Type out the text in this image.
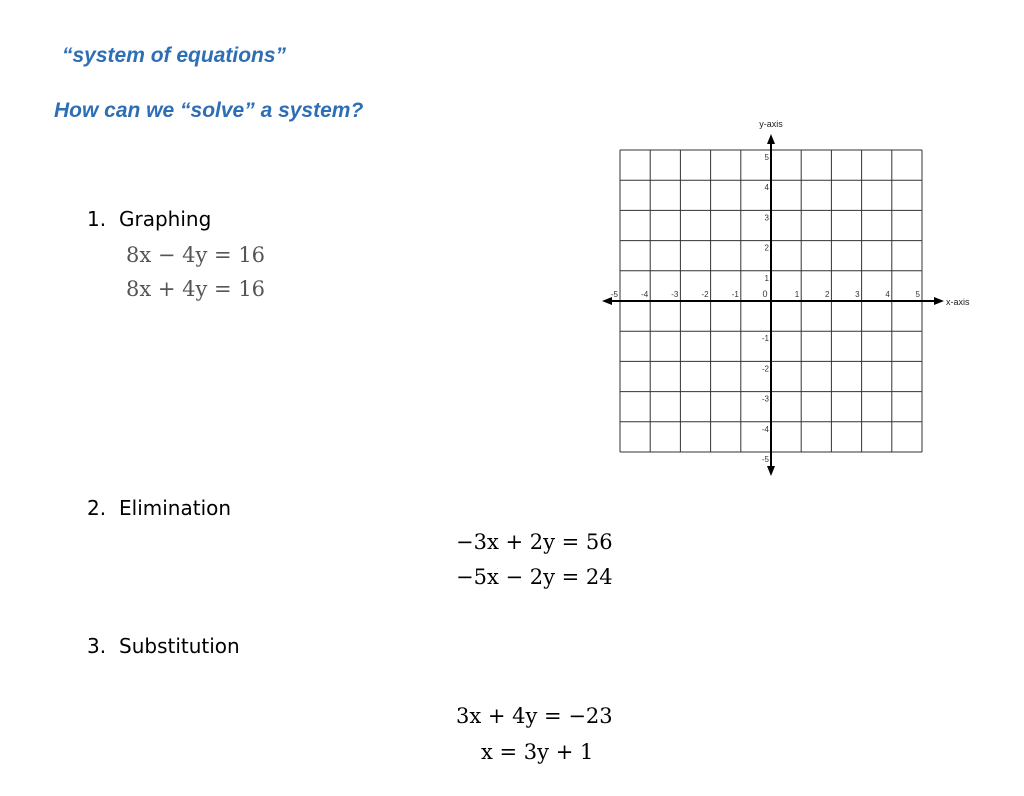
“system of equations”
How can we “solve” a system?
1. Graphing
8x − 4y = 16
8x + 4y = 16
y-axis
x-axis
-5	-4	-3	-2	-1	0	1	2	3	4	5
5
4
3
2
1
-1
-2
-3
-4
-5
2. Elimination
−3x + 2y = 56
−5x − 2y = 24
3. Substitution
3x + 4y = −23
x = 3y + 1
